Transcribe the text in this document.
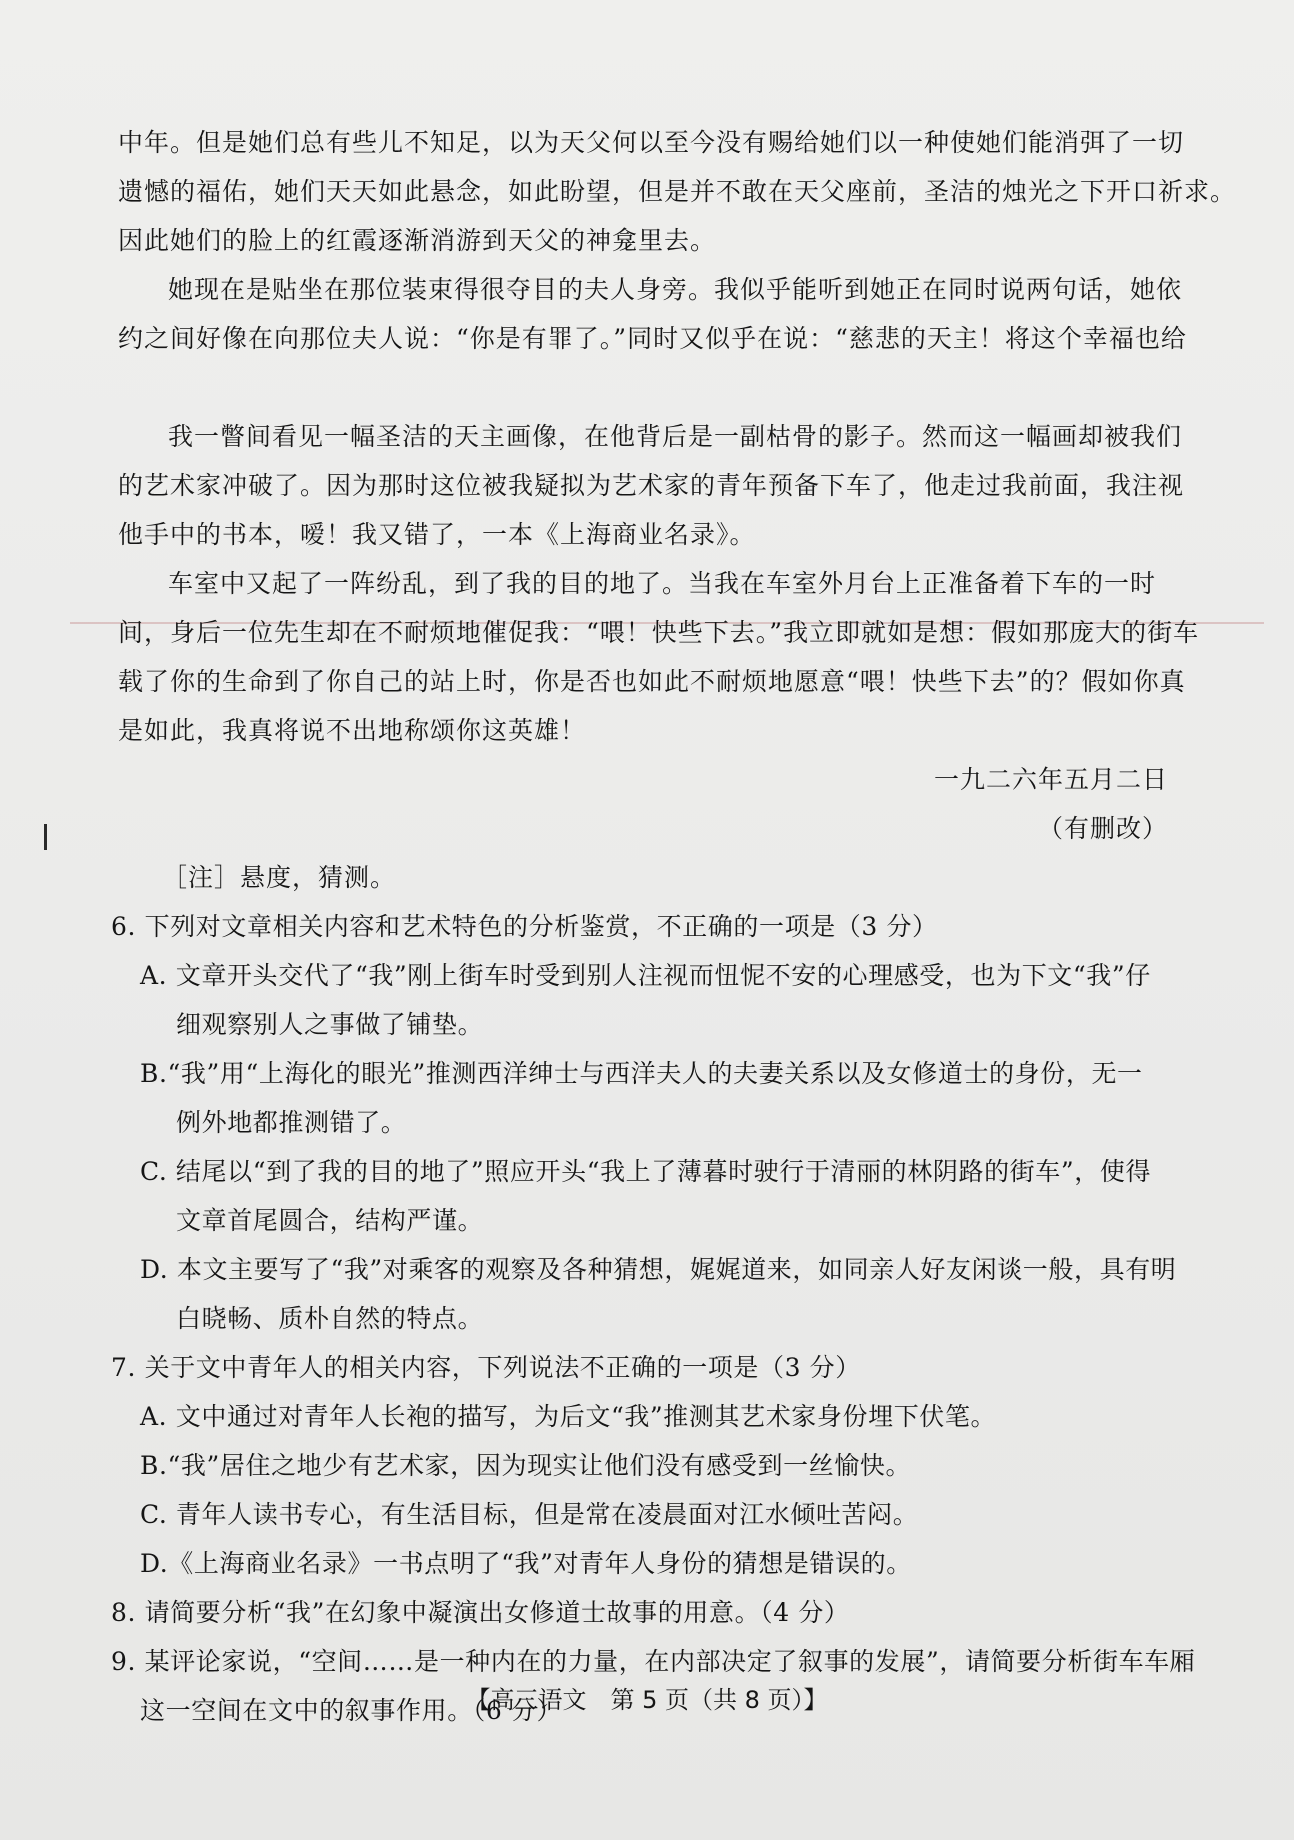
中年。但是她们总有些儿不知足，以为天父何以至今没有赐给她们以一种使她们能消弭了一切

遗憾的福佑，她们天天如此悬念，如此盼望，但是并不敢在天父座前，圣洁的烛光之下开口祈求。

因此她们的脸上的红霞逐渐消游到天父的神龛里去。

她现在是贴坐在那位装束得很夺目的夫人身旁。我似乎能听到她正在同时说两句话，她依

约之间好像在向那位夫人说：“你是有罪了。”同时又似乎在说：“慈悲的天主！将这个幸福也给

我一瞥间看见一幅圣洁的天主画像，在他背后是一副枯骨的影子。然而这一幅画却被我们

的艺术家冲破了。因为那时这位被我疑拟为艺术家的青年预备下车了，他走过我前面，我注视

他手中的书本，嗳！我又错了，一本《上海商业名录》。

车室中又起了一阵纷乱，到了我的目的地了。当我在车室外月台上正准备着下车的一时

间，身后一位先生却在不耐烦地催促我：“喂！快些下去。”我立即就如是想：假如那庞大的街车

载了你的生命到了你自己的站上时，你是否也如此不耐烦地愿意“喂！快些下去”的？假如你真

是如此，我真将说不出地称颂你这英雄！

一九二六年五月二日

（有删改）

［注］悬度，猜测。

6. 下列对文章相关内容和艺术特色的分析鉴赏，不正确的一项是（3 分）

A. 文章开头交代了“我”刚上街车时受到别人注视而忸怩不安的心理感受，也为下文“我”仔

细观察别人之事做了铺垫。

B.“我”用“上海化的眼光”推测西洋绅士与西洋夫人的夫妻关系以及女修道士的身份，无一

例外地都推测错了。

C. 结尾以“到了我的目的地了”照应开头“我上了薄暮时驶行于清丽的林阴路的街车”，使得

文章首尾圆合，结构严谨。

D. 本文主要写了“我”对乘客的观察及各种猜想，娓娓道来，如同亲人好友闲谈一般，具有明

白晓畅、质朴自然的特点。

7. 关于文中青年人的相关内容，下列说法不正确的一项是（3 分）

A. 文中通过对青年人长袍的描写，为后文“我”推测其艺术家身份埋下伏笔。

B.“我”居住之地少有艺术家，因为现实让他们没有感受到一丝愉快。

C. 青年人读书专心，有生活目标，但是常在凌晨面对江水倾吐苦闷。

D.《上海商业名录》一书点明了“我”对青年人身份的猜想是错误的。

8. 请简要分析“我”在幻象中凝演出女修道士故事的用意。（4 分）

9. 某评论家说，“空间……是一种内在的力量，在内部决定了叙事的发展”，请简要分析街车车厢

这一空间在文中的叙事作用。（6 分）

【高三语文　第 5 页（共 8 页）】
